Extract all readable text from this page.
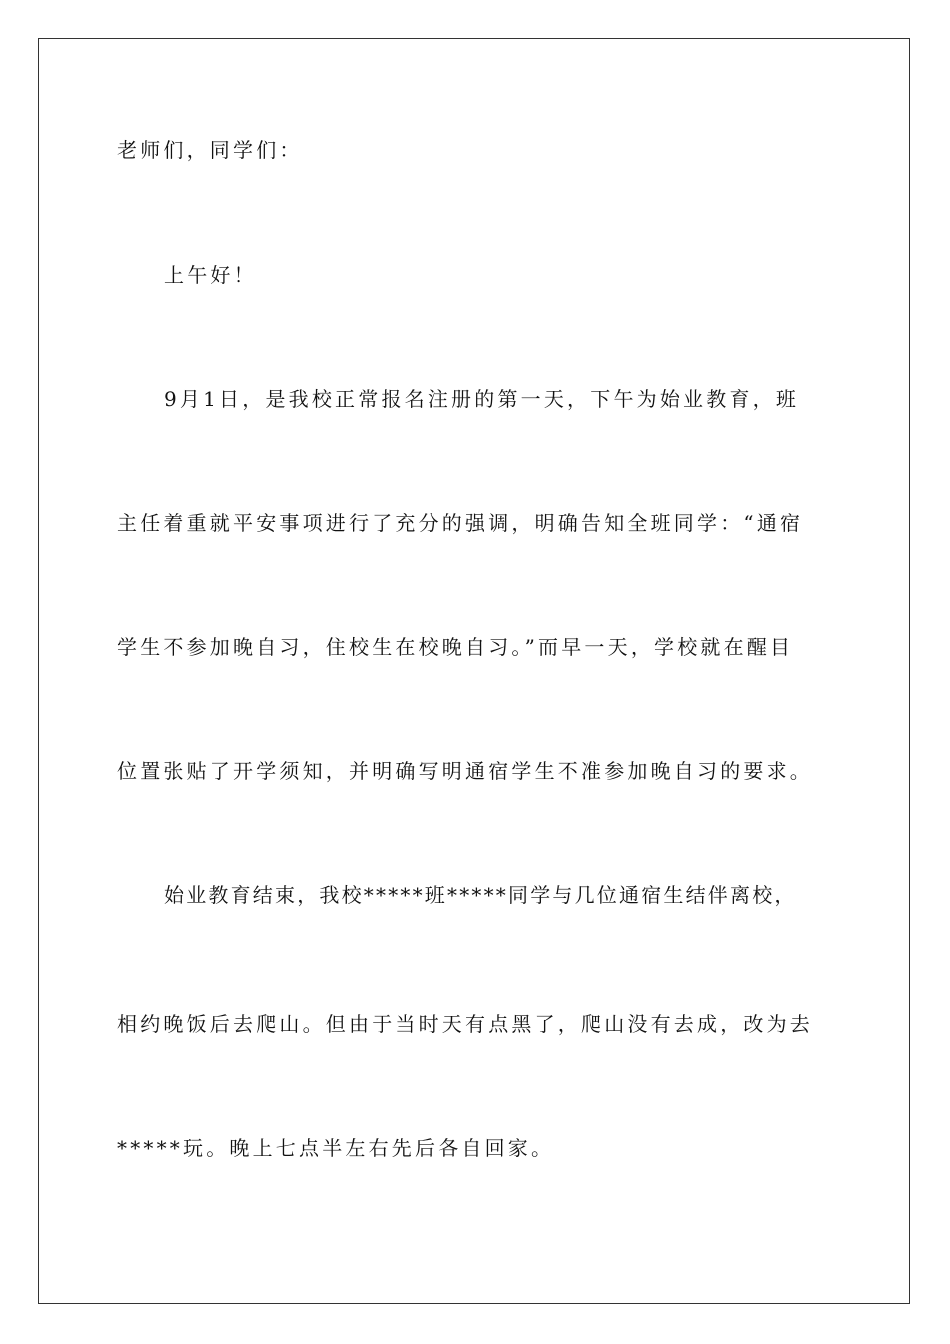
老师们，同学们：
上午好！
9月1日，是我校正常报名注册的第一天，下午为始业教育，班
主任着重就平安事项进行了充分的强调，明确告知全班同学：“通宿
学生不参加晚自习，住校生在校晚自习。”而早一天，学校就在醒目
位置张贴了开学须知，并明确写明通宿学生不准参加晚自习的要求。
始业教育结束，我校*****班*****同学与几位通宿生结伴离校，
相约晚饭后去爬山。但由于当时天有点黑了，爬山没有去成，改为去
*****玩。晚上七点半左右先后各自回家。
